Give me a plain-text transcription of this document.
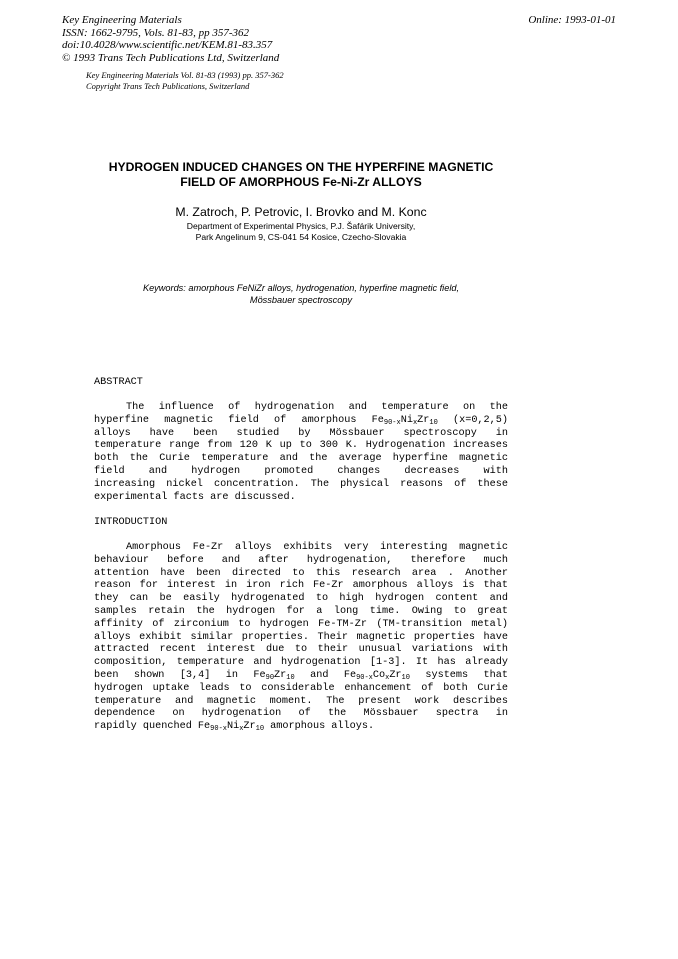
Key Engineering Materials
ISSN: 1662-9795, Vols. 81-83, pp 357-362
doi:10.4028/www.scientific.net/KEM.81-83.357
© 1993 Trans Tech Publications Ltd, Switzerland
Online: 1993-01-01
Key Engineering Materials Vol. 81-83 (1993) pp. 357-362
Copyright Trans Tech Publications, Switzerland
HYDROGEN INDUCED CHANGES ON THE HYPERFINE MAGNETIC
FIELD OF AMORPHOUS Fe-Ni-Zr ALLOYS
M. Zatroch, P. Petrovic, I. Brovko and M. Konc
Department of Experimental Physics, P.J. Šafárik University,
Park Angelinum 9, CS-041 54 Kosice, Czecho-Slovakia
Keywords: amorphous FeNiZr alloys, hydrogenation, hyperfine magnetic field,
Mössbauer spectroscopy
ABSTRACT
The influence of hydrogenation and temperature on the
hyperfine magnetic field of amorphous $Fe_{90-x}Ni_xZr_{10}$ (x=0,2,5)
alloys have been studied by Mössbauer spectroscopy in
temperature range from 120 K up to 300 K. Hydrogenation increases
both the Curie temperature and the average hyperfine magnetic
field and hydrogen promoted changes decreases with
increasing nickel concentration. The physical reasons of these
experimental facts are discussed.
INTRODUCTION
Amorphous Fe-Zr alloys exhibits very interesting magnetic
behaviour before and after hydrogenation, therefore much
attention have been directed to this research area . Another
reason for interest in iron rich Fe-Zr amorphous alloys is that
they can be easily hydrogenated to high hydrogen content and
samples retain the hydrogen for a long time. Owing to great
affinity of zirconium to hydrogen Fe-TM-Zr (TM-transition metal)
alloys exhibit similar properties. Their magnetic properties have
attracted recent interest due to their unusual variations with
composition, temperature and hydrogenation [1-3]. It has already
been shown [3,4] in $Fe_{90}Zr_{10}$ and $Fe_{90-x}Co_xZr_{10}$ systems that
hydrogen uptake leads to considerable enhancement of both Curie
temperature and magnetic moment. The present work describes
dependence on hydrogenation of the Mössbauer spectra in
rapidly quenched $Fe_{90-x}Ni_xZr_{10}$ amorphous alloys.
